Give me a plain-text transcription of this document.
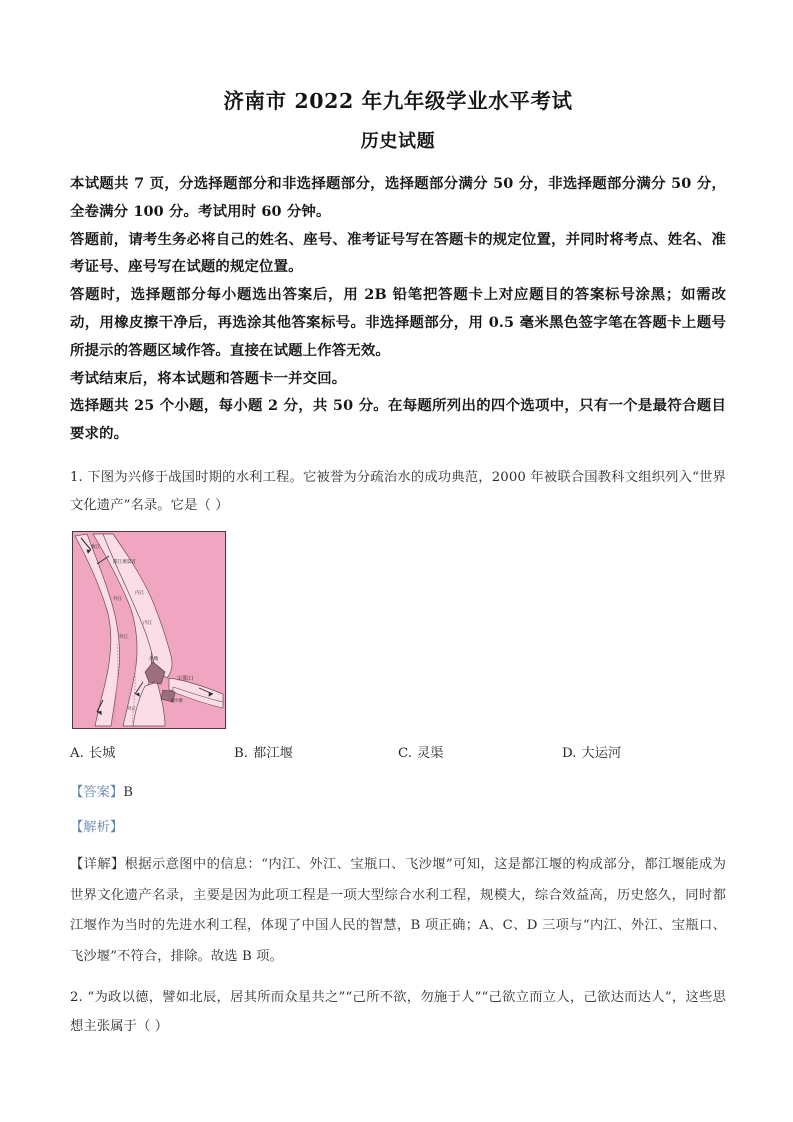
济南市 2022 年九年级学业水平考试
历史试题

本试题共 7 页，分选择题部分和非选择题部分，选择题部分满分 50 分，非选择题部分满分 50 分，全卷满分 100 分。考试用时 60 分钟。

答题前，请考生务必将自己的姓名、座号、准考证号写在答题卡的规定位置，并同时将考点、姓名、准考证号、座号写在试题的规定位置。

答题时，选择题部分每小题选出答案后，用 2B 铅笔把答题卡上对应题目的答案标号涂黑；如需改动，用橡皮擦干净后，再选涂其他答案标号。非选择题部分，用 0.5 毫米黑色签字笔在答题卡上题号所提示的答题区域作答。直接在试题上作答无效。

考试结束后，将本试题和答题卡一并交回。

选择题共 25 个小题，每小题 2 分，共 50 分。在每题所列出的四个选项中，只有一个是最符合题目要求的。

1. 下图为兴修于战国时期的水利工程。它被誉为分疏治水的成功典范，2000 年被联合国教科文组织列入“世界文化遗产”名录。它是（ ）

岷江
都江堰渠首
外江
内江
内江
外江
鱼嘴
宝瓶口
飞沙堰
外江
A. 长城	B. 都江堰	C. 灵渠	D. 大运河

【答案】B

【解析】

【详解】根据示意图中的信息：“内江、外江、宝瓶口、飞沙堰”可知，这是都江堰的构成部分，都江堰能成为世界文化遗产名录，主要是因为此项工程是一项大型综合水利工程，规模大，综合效益高，历史悠久，同时都江堰作为当时的先进水利工程，体现了中国人民的智慧，B 项正确；A、C、D 三项与“内江、外江、宝瓶口、飞沙堰”不符合，排除。故选 B 项。

2. “为政以德，譬如北辰，居其所而众星共之”“己所不欲，勿施于人”“己欲立而立人，己欲达而达人”，这些思想主张属于（ ）
